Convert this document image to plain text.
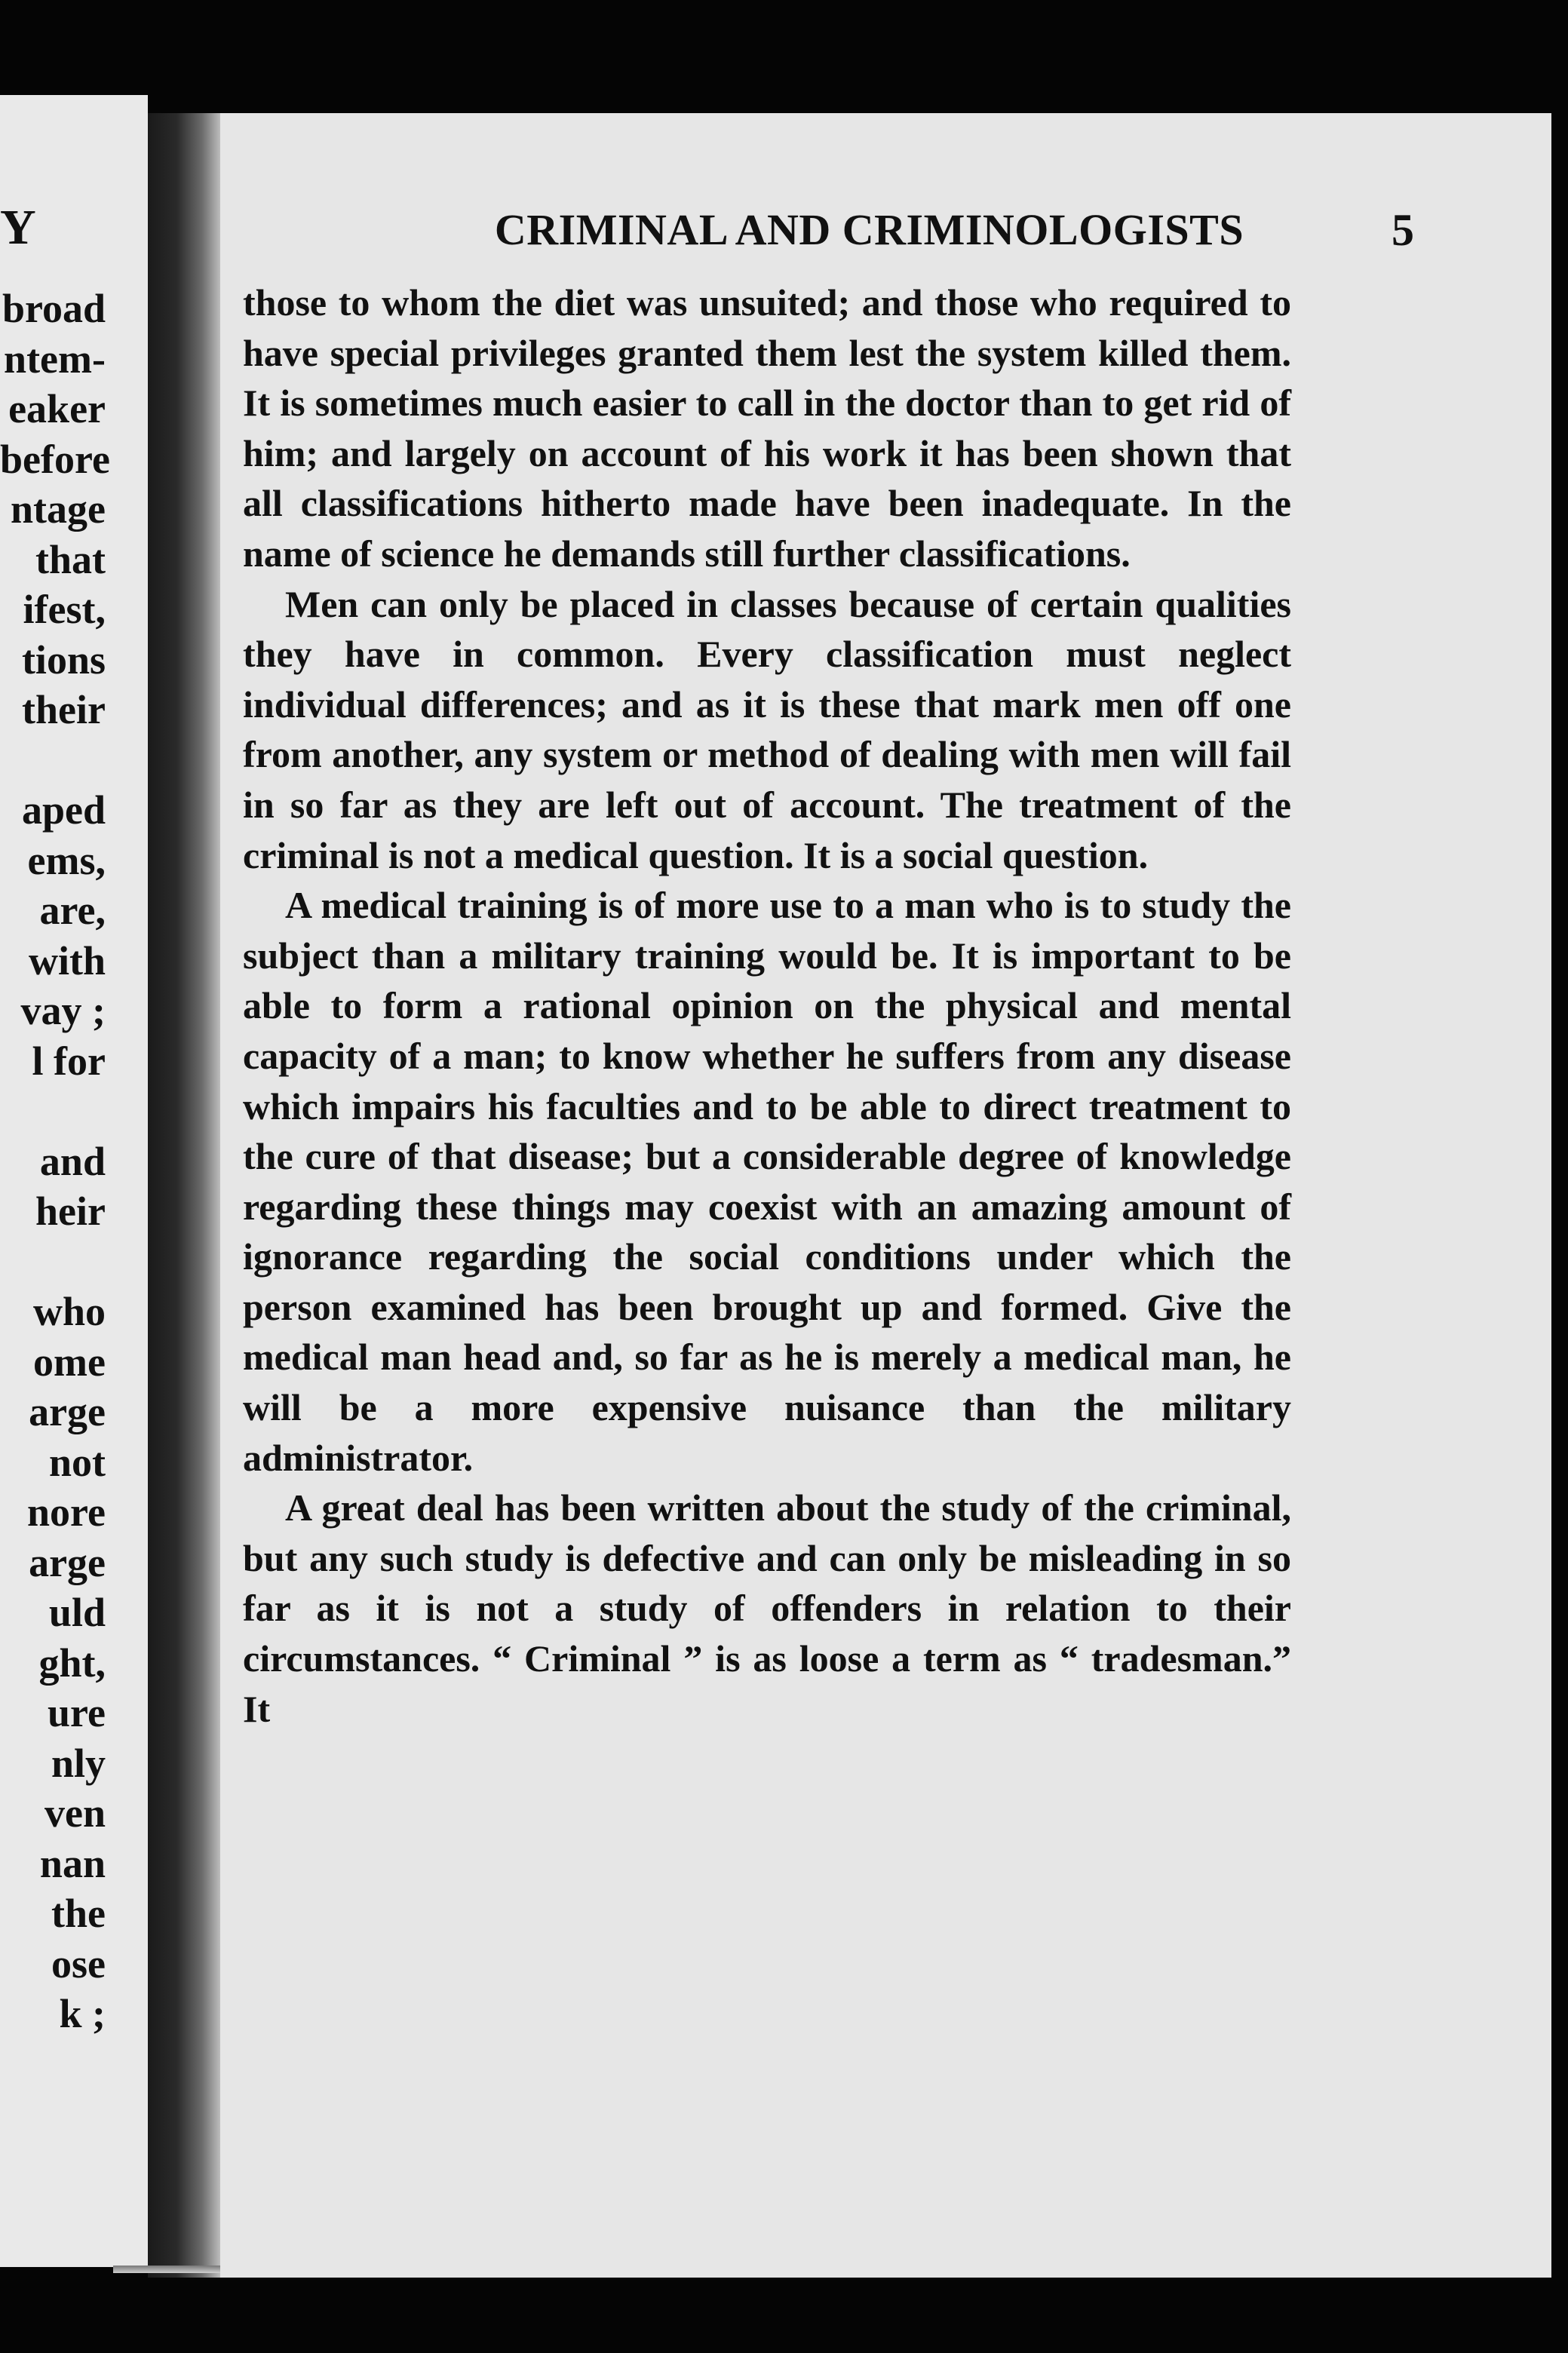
Y
broad
ntem-
eaker
before
ntage
that
ifest,
tions
their
aped
ems,
are,
with
vay ;
l for
and
heir
who
ome
arge
not
nore
arge
uld
ght,
ure
nly
ven
nan
the
ose
k ;
CRIMINAL AND CRIMINOLOGISTS	5

those to whom the diet was unsuited; and those who required to have special privileges granted them lest the system killed them. It is sometimes much easier to call in the doctor than to get rid of him; and largely on account of his work it has been shown that all classifications hitherto made have been inadequate. In the name of science he demands still further classifications.

Men can only be placed in classes because of certain qualities they have in common. Every classification must neglect individual differences; and as it is these that mark men off one from another, any system or method of dealing with men will fail in so far as they are left out of account. The treatment of the criminal is not a medical question. It is a social question.

A medical training is of more use to a man who is to study the subject than a military training would be. It is important to be able to form a rational opinion on the physical and mental capacity of a man; to know whether he suffers from any disease which impairs his faculties and to be able to direct treatment to the cure of that disease; but a considerable degree of knowledge regarding these things may coexist with an amazing amount of ignorance regarding the social conditions under which the person examined has been brought up and formed. Give the medical man head and, so far as he is merely a medical man, he will be a more expensive nuisance than the military administrator.

A great deal has been written about the study of the criminal, but any such study is defective and can only be misleading in so far as it is not a study of offenders in relation to their circumstances. “ Criminal ” is as loose a term as “ tradesman.” It
